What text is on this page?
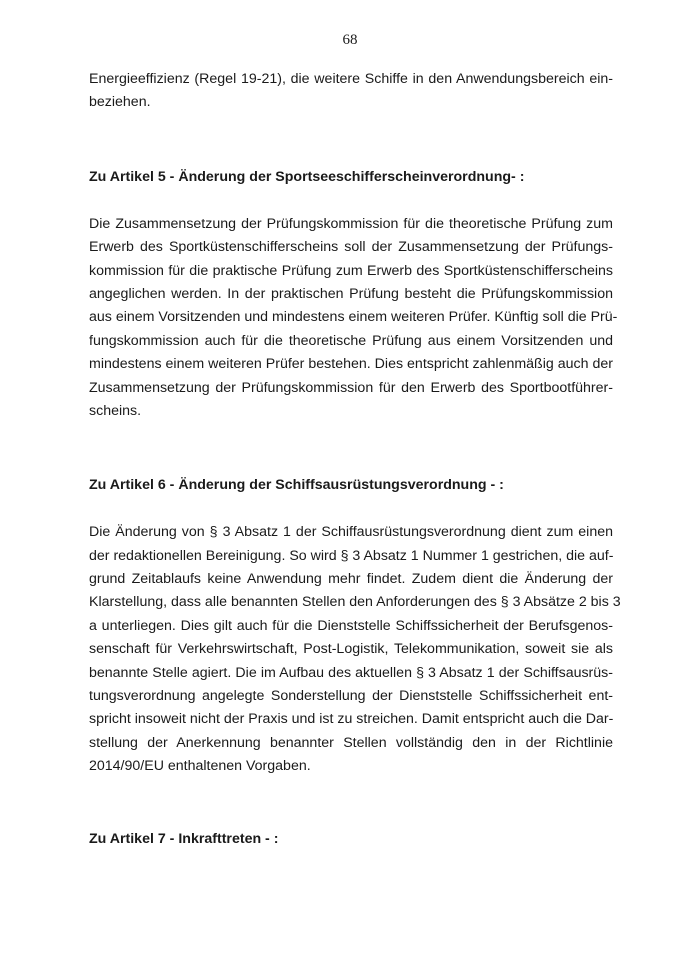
68
Energieeffizienz (Regel 19-21), die weitere Schiffe in den Anwendungsbereich ein-
beziehen.
Zu Artikel 5 - Änderung der Sportseeschifferscheinverordnung- :
Die Zusammensetzung der Prüfungskommission für die theoretische Prüfung zum
Erwerb des Sportküstenschifferscheins soll der Zusammensetzung der Prüfungs-
kommission für die praktische Prüfung zum Erwerb des Sportküstenschifferscheins
angeglichen werden. In der praktischen Prüfung besteht die Prüfungskommission
aus einem Vorsitzenden und mindestens einem weiteren Prüfer. Künftig soll die Prü-
fungskommission auch für die theoretische Prüfung aus einem Vorsitzenden und
mindestens einem weiteren Prüfer bestehen. Dies entspricht zahlenmäßig auch der
Zusammensetzung der Prüfungskommission für den Erwerb des Sportbootführer-
scheins.
Zu Artikel 6 - Änderung der Schiffsausrüstungsverordnung - :
Die Änderung von § 3 Absatz 1 der Schiffausrüstungsverordnung dient zum einen
der redaktionellen Bereinigung. So wird § 3 Absatz 1 Nummer 1 gestrichen, die auf-
grund Zeitablaufs keine Anwendung mehr findet. Zudem dient die Änderung der
Klarstellung, dass alle benannten Stellen den Anforderungen des § 3 Absätze 2 bis 3
a unterliegen. Dies gilt auch für die Dienststelle Schiffssicherheit der Berufsgenos-
senschaft für Verkehrswirtschaft, Post-Logistik, Telekommunikation, soweit sie als
benannte Stelle agiert. Die im Aufbau des aktuellen § 3 Absatz 1 der Schiffsausrüs-
tungsverordnung angelegte Sonderstellung der Dienststelle Schiffssicherheit ent-
spricht insoweit nicht der Praxis und ist zu streichen. Damit entspricht auch die Dar-
stellung der Anerkennung benannter Stellen vollständig den in der Richtlinie
2014/90/EU enthaltenen Vorgaben.
Zu Artikel 7 - Inkrafttreten - :
